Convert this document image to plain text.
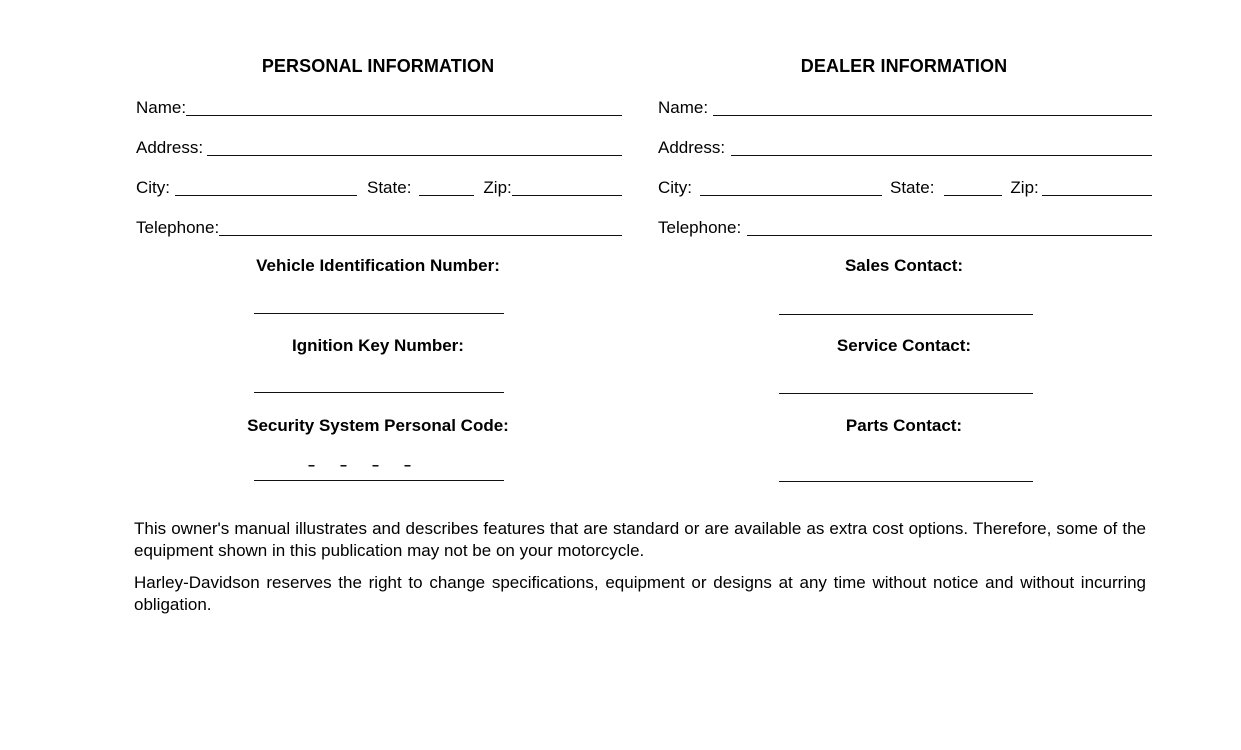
PERSONAL INFORMATION
Name:
Address:
City:	State:	Zip:
Telephone:
Vehicle Identification Number:
Ignition Key Number:
Security System Personal Code:
-- -- -- --
DEALER INFORMATION
Name:
Address:
City:	State:	Zip:
Telephone:
Sales Contact:
Service Contact:
Parts Contact:

This owner's manual illustrates and describes features that are standard or are available as extra cost options. Therefore, some of the equipment shown in this publication may not be on your motorcycle.

Harley-Davidson reserves the right to change specifications, equipment or designs at any time without notice and without incurring obligation.
